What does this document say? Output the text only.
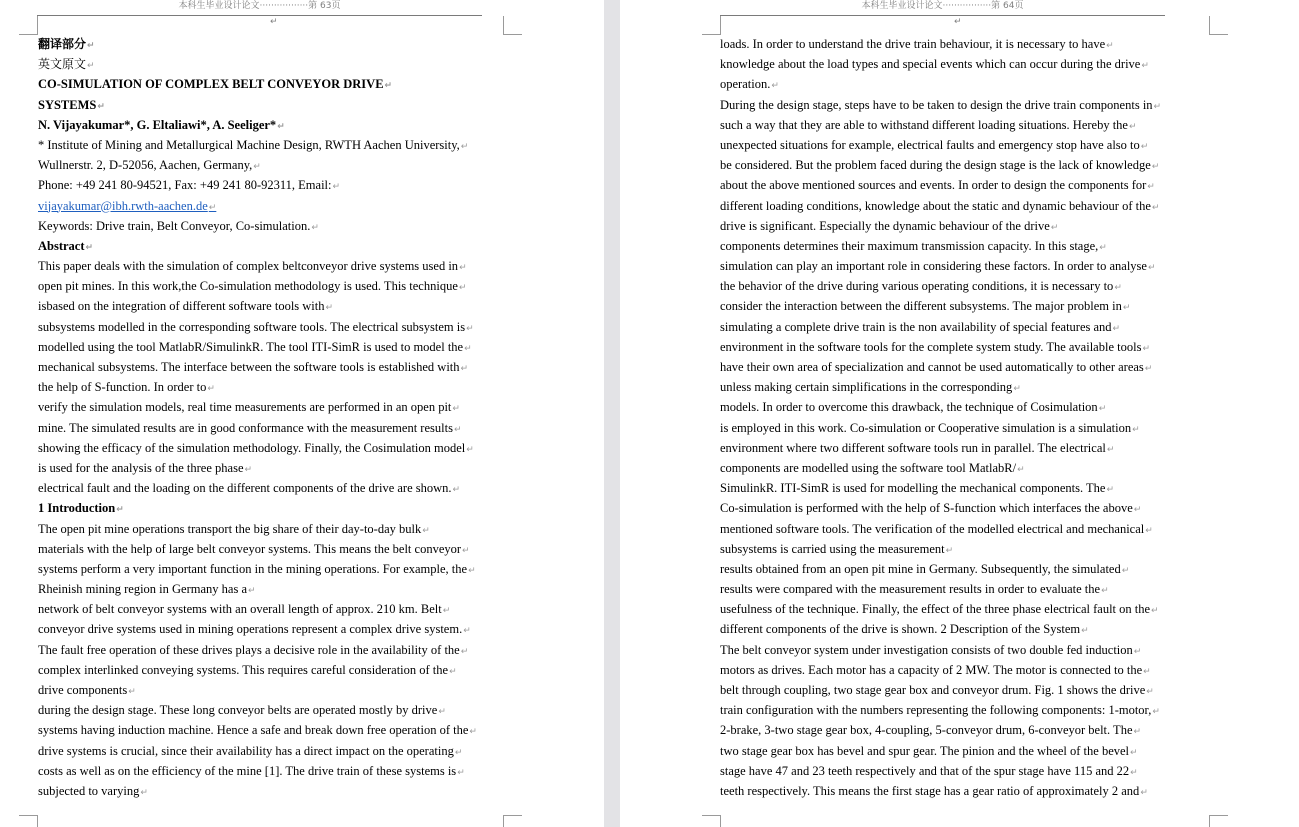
本科生毕业设计论文·················第 63页
↵
翻译部分↵
英文原文↵
CO-SIMULATION OF COMPLEX BELT CONVEYOR DRIVE↵
SYSTEMS↵
N. Vijayakumar*, G. Eltaliawi*, A. Seeliger*↵
* Institute of Mining and Metallurgical Machine Design, RWTH Aachen University,↵
Wullnerstr. 2, D-52056, Aachen, Germany,↵
Phone: +49 241 80-94521, Fax: +49 241 80-92311, Email:↵
vijayakumar@ibh.rwth-aachen.de↵
Keywords: Drive train, Belt Conveyor, Co-simulation.↵
Abstract↵
This paper deals with the simulation of complex beltconveyor drive systems used in↵
open pit mines. In this work,the Co-simulation methodology is used. This technique↵
isbased on the integration of different software tools with↵
subsystems modelled in the corresponding software tools. The electrical subsystem is↵
modelled using the tool MatlabR/SimulinkR. The tool ITI-SimR is used to model the↵
mechanical subsystems. The interface between the software tools is established with↵
the help of S-function. In order to↵
verify the simulation models, real time measurements are performed in an open pit↵
mine. The simulated results are in good conformance with the measurement results↵
showing the efficacy of the simulation methodology. Finally, the Cosimulation model↵
is used for the analysis of the three phase↵
electrical fault and the loading on the different components of the drive are shown.↵
1 Introduction↵
The open pit mine operations transport the big share of their day-to-day bulk↵
materials with the help of large belt conveyor systems. This means the belt conveyor↵
systems perform a very important function in the mining operations. For example, the↵
Rheinish mining region in Germany has a↵
network of belt conveyor systems with an overall length of approx. 210 km. Belt↵
conveyor drive systems used in mining operations represent a complex drive system.↵
The fault free operation of these drives plays a decisive role in the availability of the↵
complex interlinked conveying systems. This requires careful consideration of the↵
drive components↵
during the design stage. These long conveyor belts are operated mostly by drive↵
systems having induction machine. Hence a safe and break down free operation of the↵
drive systems is crucial, since their availability has a direct impact on the operating↵
costs as well as on the efficiency of the mine [1]. The drive train of these systems is↵
subjected to varying↵
本科生毕业设计论文·················第 64页
↵
loads. In order to understand the drive train behaviour, it is necessary to have↵
knowledge about the load types and special events which can occur during the drive↵
operation.↵
During the design stage, steps have to be taken to design the drive train components in↵
such a way that they are able to withstand different loading situations. Hereby the↵
unexpected situations for example, electrical faults and emergency stop have also to↵
be considered. But the problem faced during the design stage is the lack of knowledge↵
about the above mentioned sources and events. In order to design the components for↵
different loading conditions, knowledge about the static and dynamic behaviour of the↵
drive is significant. Especially the dynamic behaviour of the drive↵
components determines their maximum transmission capacity. In this stage,↵
simulation can play an important role in considering these factors. In order to analyse↵
the behavior of the drive during various operating conditions, it is necessary to↵
consider the interaction between the different subsystems. The major problem in↵
simulating a complete drive train is the non availability of special features and↵
environment in the software tools for the complete system study. The available tools↵
have their own area of specialization and cannot be used automatically to other areas↵
unless making certain simplifications in the corresponding↵
models. In order to overcome this drawback, the technique of Cosimulation↵
is employed in this work. Co-simulation or Cooperative simulation is a simulation↵
environment where two different software tools run in parallel. The electrical↵
components are modelled using the software tool MatlabR/↵
SimulinkR. ITI-SimR is used for modelling the mechanical components. The↵
Co-simulation is performed with the help of S-function which interfaces the above↵
mentioned software tools. The verification of the modelled electrical and mechanical↵
subsystems is carried using the measurement↵
results obtained from an open pit mine in Germany. Subsequently, the simulated↵
results were compared with the measurement results in order to evaluate the↵
usefulness of the technique. Finally, the effect of the three phase electrical fault on the↵
different components of the drive is shown. 2 Description of the System↵
The belt conveyor system under investigation consists of two double fed induction↵
motors as drives. Each motor has a capacity of 2 MW. The motor is connected to the↵
belt through coupling, two stage gear box and conveyor drum. Fig. 1 shows the drive↵
train configuration with the numbers representing the following components: 1-motor,↵
2-brake, 3-two stage gear box, 4-coupling, 5-conveyor drum, 6-conveyor belt. The↵
two stage gear box has bevel and spur gear. The pinion and the wheel of the bevel↵
stage have 47 and 23 teeth respectively and that of the spur stage have 115 and 22↵
teeth respectively. This means the first stage has a gear ratio of approximately 2 and↵
